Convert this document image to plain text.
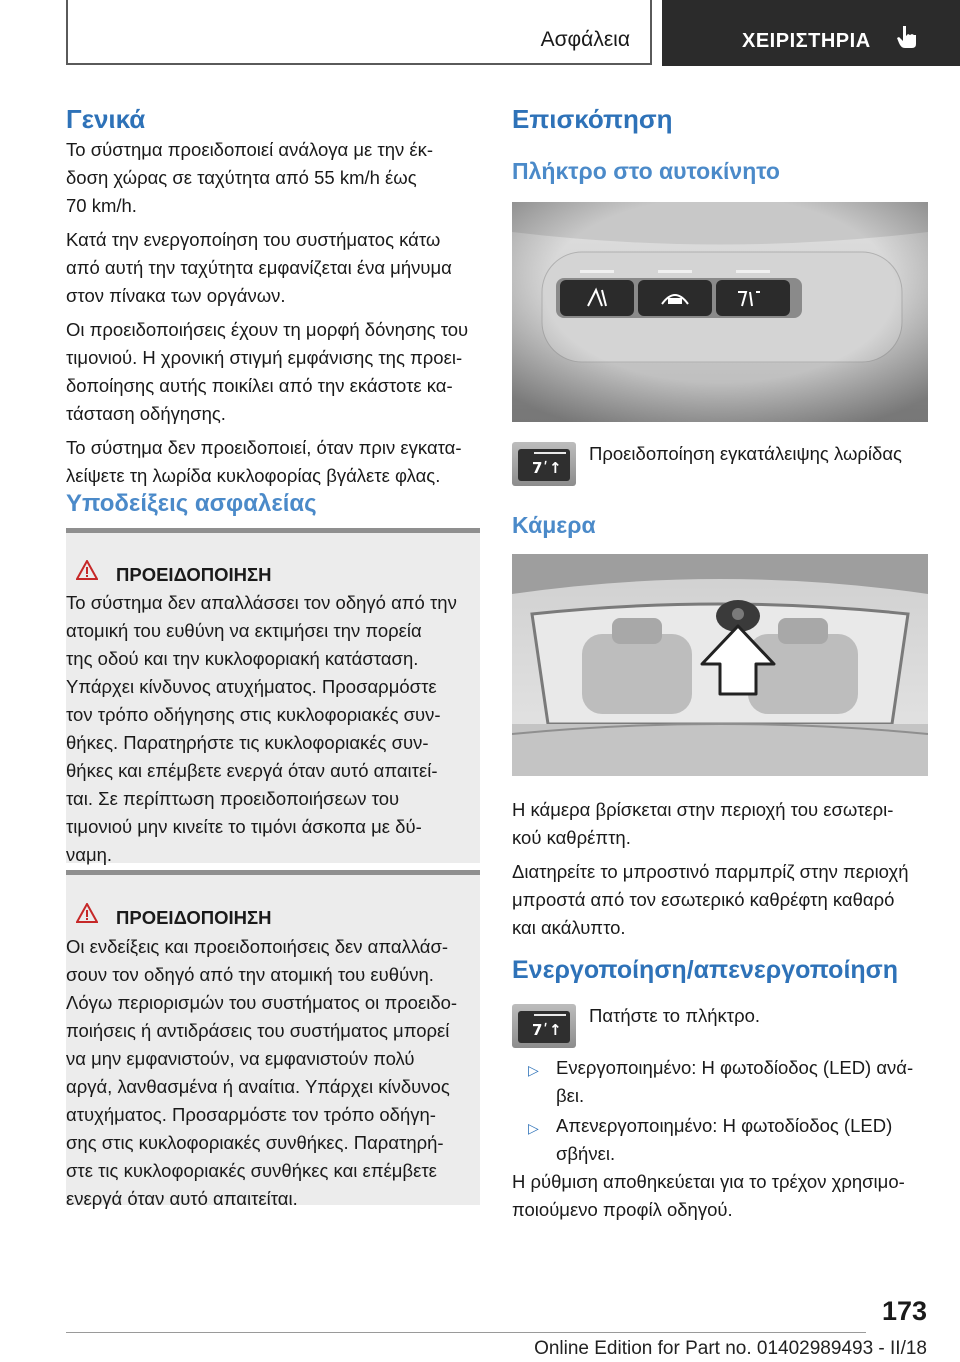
Ασφάλεια	ΧΕΙΡΙΣΤΗΡΙΑ
Γενικά

Το σύστημα προειδοποιεί ανάλογα με την έκ-

δοση χώρας σε ταχύτητα από 55 km/h έως

70 km/h.

Κατά την ενεργοποίηση του συστήματος κάτω

από αυτή την ταχύτητα εμφανίζεται ένα μήνυμα

στον πίνακα των οργάνων.

Οι προειδοποιήσεις έχουν τη μορφή δόνησης του

τιμονιού. Η χρονική στιγμή εμφάνισης της προει-

δοποίησης αυτής ποικίλει από την εκάστοτε κα-

τάσταση οδήγησης.

Το σύστημα δεν προειδοποιεί, όταν πριν εγκατα-

λείψετε τη λωρίδα κυκλοφορίας βγάλετε φλας.

Υποδείξεις ασφαλείας
ΠΡΟΕΙΔΟΠΟΙΗΣΗ
Το σύστημα δεν απαλλάσσει τον οδηγό από την
ατομική του ευθύνη να εκτιμήσει την πορεία
της οδού και την κυκλοφοριακή κατάσταση.
Υπάρχει κίνδυνος ατυχήματος. Προσαρμόστε
τον τρόπο οδήγησης στις κυκλοφοριακές συν-
θήκες. Παρατηρήστε τις κυκλοφοριακές συν-
θήκες και επέμβετε ενεργά όταν αυτό απαιτεί-
ται. Σε περίπτωση προειδοποιήσεων του
τιμονιού μην κινείτε το τιμόνι άσκοπα με δύ-
ναμη.
ΠΡΟΕΙΔΟΠΟΙΗΣΗ
Οι ενδείξεις και προειδοποιήσεις δεν απαλλάσ-
σουν τον οδηγό από την ατομική του ευθύνη.
Λόγω περιορισμών του συστήματος οι προειδο-
ποιήσεις ή αντιδράσεις του συστήματος μπορεί
να μην εμφανιστούν, να εμφανιστούν πολύ
αργά, λανθασμένα ή αναίτια. Υπάρχει κίνδυνος
ατυχήματος. Προσαρμόστε τον τρόπο οδήγη-
σης στις κυκλοφοριακές συνθήκες. Παρατηρή-
στε τις κυκλοφοριακές συνθήκες και επέμβετε
ενεργά όταν αυτό απαιτείται.
Επισκόπηση
Πλήκτρο στο αυτοκίνητο
7ʹ↑

Προειδοποίηση εγκατάλειψης λωρίδας

Κάμερα

Η κάμερα βρίσκεται στην περιοχή του εσωτερι-

κού καθρέπτη.

Διατηρείτε το μπροστινό παρμπρίζ στην περιοχή

μπροστά από τον εσωτερικό καθρέφτη καθαρό

και ακάλυπτο.

Ενεργοποίηση/απενεργοποίηση
7ʹ↑

Πατήστε το πλήκτρο.

▷ Ενεργοποιημένο: Η φωτοδίοδος (LED) ανά-

βει.

▷ Απενεργοποιημένο: Η φωτοδίοδος (LED)

σβήνει.

Η ρύθμιση αποθηκεύεται για το τρέχον χρησιμο-

ποιούμενο προφίλ οδηγού.

173
Online Edition for Part no. 01402989493 - II/18
